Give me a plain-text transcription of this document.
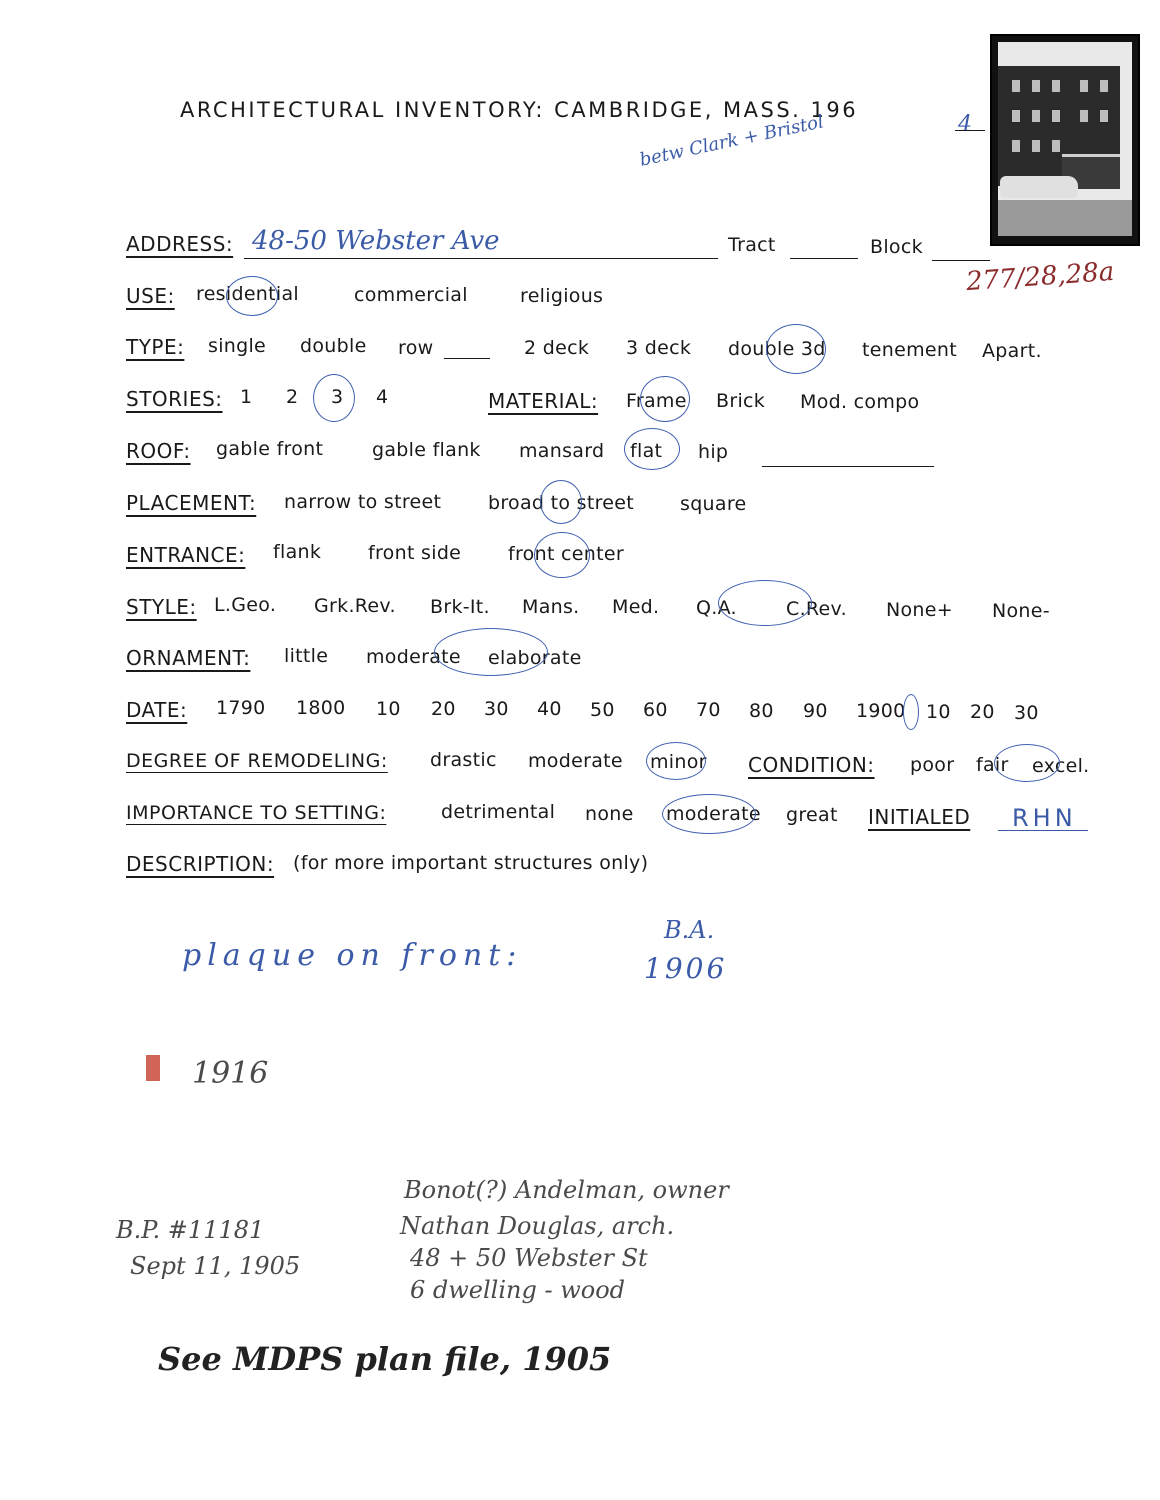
ARCHITECTURAL INVENTORY: CAMBRIDGE, MASS. 196
4
betw Clark + Bristol
ADDRESS: 48-50 Webster Ave	Tract	Block
277/28,28a
USE: residential	commercial	religious
TYPE: single double row	2 deck 3 deck double 3d tenement Apart.
STORIES: 1 2 3 4	MATERIAL: Frame Brick Mod. compo
ROOF: gable front	gable flank mansard flat hip
PLACEMENT: narrow to street broad to street square
ENTRANCE: flank front side front center
STYLE: L.Geo. Grk.Rev. Brk-It. Mans. Med. Q.A.	C.Rev. None+ None-
ORNAMENT: little moderate elaborate
DATE: 1790 1800 10 20 30 40 50 60 70 80 90 1900 10 20 30
DEGREE OF REMODELING: drastic moderate minor CONDITION: poor fair excel.
IMPORTANCE TO SETTING:	detrimental none moderate great INITIALED RHN
DESCRIPTION: (for more important structures only)
plaque on front:
B.A.
1906
1916
B.P. #11181
Sept 11, 1905
Bonot(?) Andelman, owner
Nathan Douglas, arch.
48 + 50 Webster St
6 dwelling - wood
See MDPS plan file, 1905
